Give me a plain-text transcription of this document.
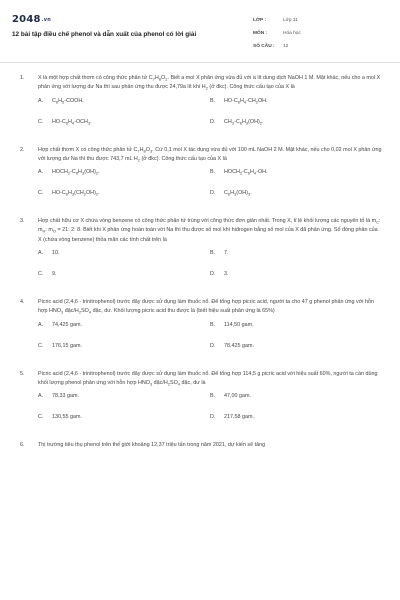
2048.vn
12 bài tập điều chế phenol và dẫn xuất của phenol có lời giải
LỚP :	Lớp 11
MÔN :	Hóa học
SỐ CÂU :	12
1.	X là một hợp chất thơm có công thức phân tử $C_7H_8O_2$. Biết a mol X phản ứng vừa đủ với a lít dung dịch NaOH 1 M. Mặt khác, nếu cho a mol X phản ứng với lượng dư Na thì sau phản ứng thu được 24,79a lít khí $H_2$ (ở đkc). Công thức cấu tạo của X là
A.	$C_6H_5$-COOH.	B.	$HO-C_6H_4-CH_2OH$.
C.	$HO-C_6H_4-OCH_3$.	D.	$CH_3-C_6H_3(OH)_2$.
2.	Hợp chất thơm X có công thức phân tử $C_7H_8O_3$. Cứ 0,1 mol X tác dụng vừa đủ với 100 mL NaOH 2 M. Mặt khác, nếu cho 0,02 mol X phản ứng với lượng dư Na thì thu được 743,7 mL $H_2$ (ở đkc). Công thức cấu tạo của X là
A.	$HOCH_2-C_6H_3(OH)_2$.	B.	$HOCH_2-C_6H_4-OH$.
C.	$HO-C_6H_3(CH_2OH)_2$.	D.	$C_6H_3(OH)_3$.
3.	Hợp chất hữu cơ X chứa vòng benzene có công thức phân tử trùng với công thức đơn giản nhất. Trong X, tỉ lệ khối lượng các nguyên tố là $m_C$: $m_H$: $m_O = 21$: 2: 8. Biết khi X phản ứng hoàn toàn với Na thì thu được số mol khí hiđrogen bằng số mol của X đã phản ứng. Số đồng phân của X (chứa vòng benzene) thỏa mãn các tính chất trên là
A.	10.	B.	7.
C.	9.	D.	3.
4.	Picric acid (2,4,6 - trinitrophenol) trước đây được sử dụng làm thuốc nổ. Để tổng hợp picric acid, người ta cho 47 g phenol phản ứng với hỗn hợp $HNO_3$ đặc/$H_2SO_4$ đặc, dư. Khối lượng picric acid thu được là (biết hiệu suất phản ứng là 65%)
A.	74,425 gam.	B.	114,50 gam.
C.	176,15 gam.	D.	78,425 gam.
5.	Picric acid (2,4,6 - trinitrophenol) trước đây được sử dụng làm thuốc nổ. Để tổng hợp 114,5 g picric acid với hiệu suất 60%, người ta cần dùng khối lượng phenol phản ứng với hỗn hợp $HNO_3$ đặc/$H_2SO_4$ đặc, dư là
A.	78,33 gam.	B.	47,00 gam.
C.	130,55 gam.	D.	217,58 gam.
6.	Thị trường tiêu thụ phenol trên thế giới khoảng 12,37 triệu tấn trong năm 2021, dự kiến sẽ tăng
